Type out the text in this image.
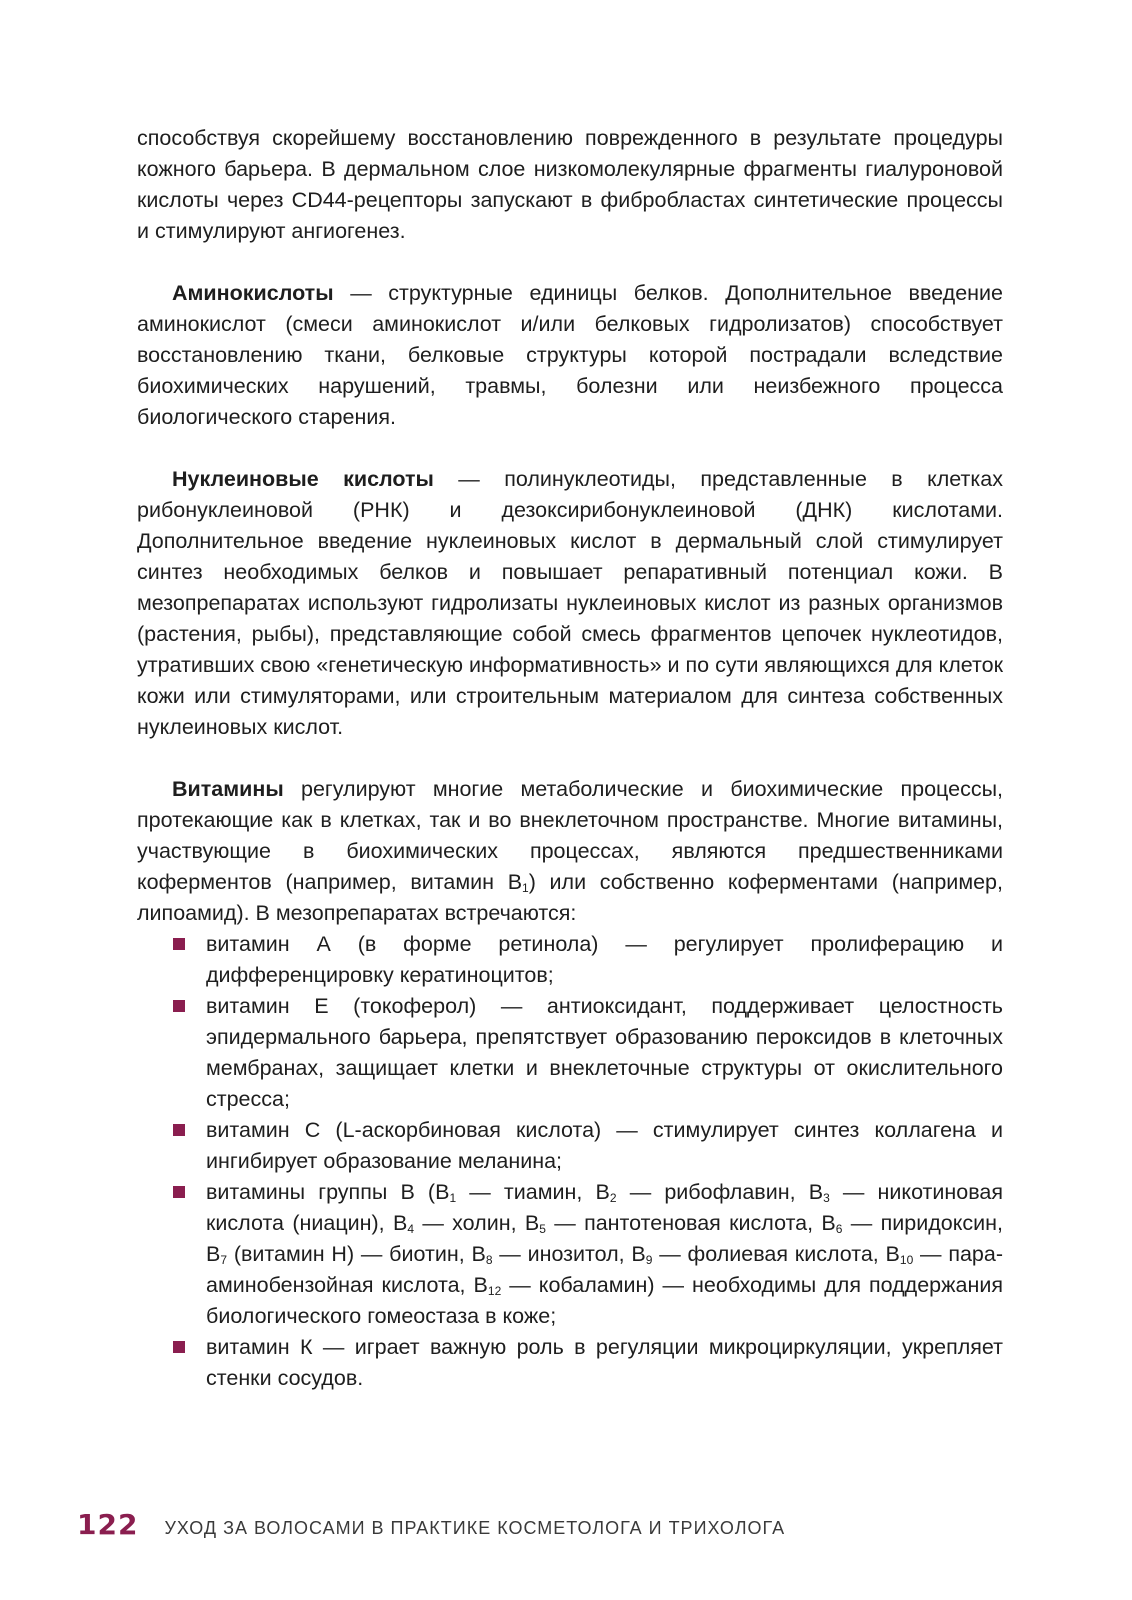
способствуя скорейшему восстановлению поврежденного в результате процедуры кожного барьера. В дермальном слое низкомолекулярные фрагменты гиалуроновой кислоты через CD44-рецепторы запускают в фибробластах синтетические процессы и стимулируют ангиогенез.

Аминокислоты — структурные единицы белков. Дополнительное введение аминокислот (смеси аминокислот и/или белковых гидролизатов) способствует восстановлению ткани, белковые структуры которой пострадали вследствие биохимических нарушений, травмы, болезни или неизбежного процесса биологического старения.

Нуклеиновые кислоты — полинуклеотиды, представленные в клетках рибонуклеиновой (РНК) и дезоксирибонуклеиновой (ДНК) кислотами. Дополнительное введение нуклеиновых кислот в дермальный слой стимулирует синтез необходимых белков и повышает репаративный потенциал кожи. В мезопрепаратах используют гидролизаты нуклеиновых кислот из разных организмов (растения, рыбы), представляющие собой смесь фрагментов цепочек нуклеотидов, утративших свою «генетическую информативность» и по сути являющихся для клеток кожи или стимуляторами, или строительным материалом для синтеза собственных нуклеиновых кислот.

Витамины регулируют многие метаболические и биохимические процессы, протекающие как в клетках, так и во внеклеточном пространстве. Многие витамины, участвующие в биохимических процессах, являются предшественниками коферментов (например, витамин $B_1$) или собственно коферментами (например, липоамид). В мезопрепаратах встречаются:

витамин А (в форме ретинола) — регулирует пролиферацию и дифференцировку кератиноцитов;
витамин Е (токоферол) — антиоксидант, поддерживает целостность эпидермального барьера, препятствует образованию пероксидов в клеточных мембранах, защищает клетки и внеклеточные структуры от окислительного стресса;
витамин С (L-аскорбиновая кислота) — стимулирует синтез коллагена и ингибирует образование меланина;
витамины группы В ($В_1$ — тиамин, $В_2$ — рибофлавин, $В_3$ — никотиновая кислота (ниацин), $В_4$ — холин, $В_5$ — пантотеновая кислота, $В_6$ — пиридоксин, $В_7$ (витамин Н) — биотин, $В_8$ — инозитол, $В_9$ — фолиевая кислота, $В_{10}$ — пара-аминобензойная кислота, $В_{12}$ — кобаламин) — необходимы для поддержания биологического гомеостаза в коже;
витамин К — играет важную роль в регуляции микроциркуляции, укрепляет стенки сосудов.
122 УХОД ЗА ВОЛОСАМИ В ПРАКТИКЕ КОСМЕТОЛОГА И ТРИХОЛОГА
